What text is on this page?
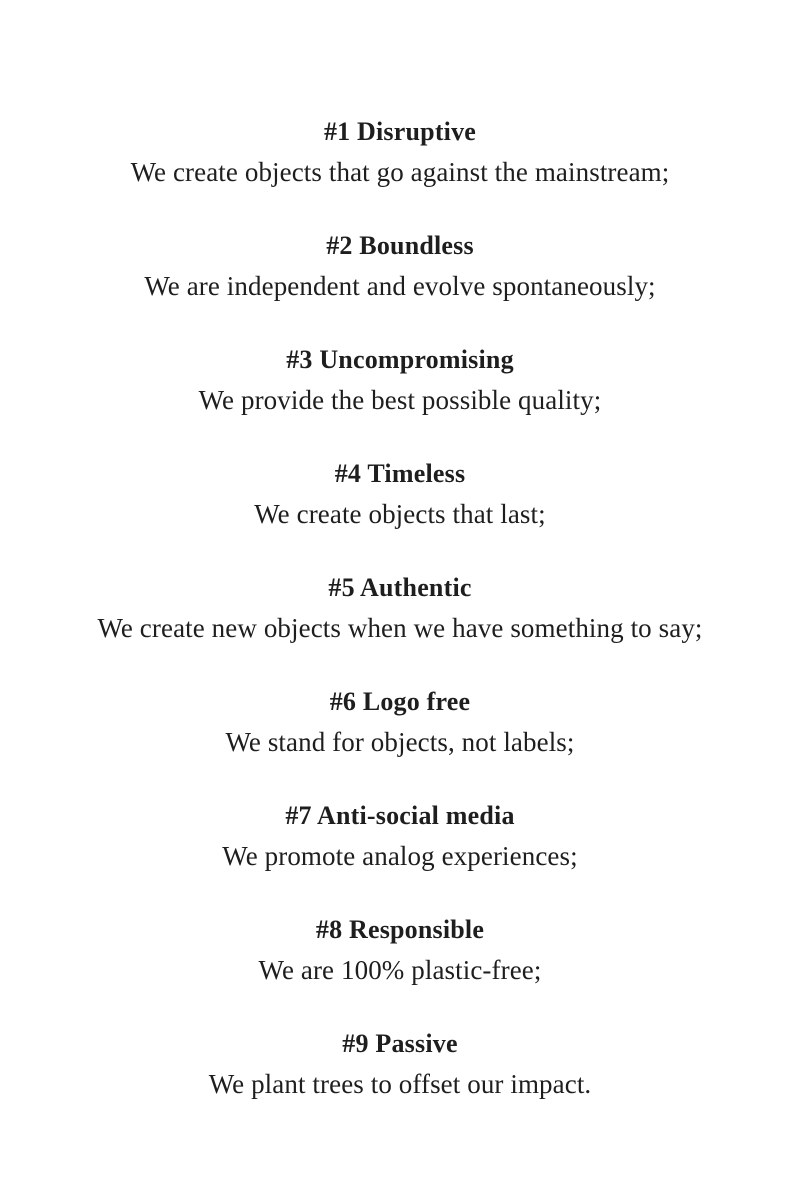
#1 Disruptive

We create objects that go against the mainstream;

#2 Boundless

We are independent and evolve spontaneously;

#3 Uncompromising

We provide the best possible quality;

#4 Timeless

We create objects that last;

#5 Authentic

We create new objects when we have something to say;

#6 Logo free

We stand for objects, not labels;

#7 Anti-social media

We promote analog experiences;

#8 Responsible

We are 100% plastic-free;

#9 Passive

We plant trees to offset our impact.
